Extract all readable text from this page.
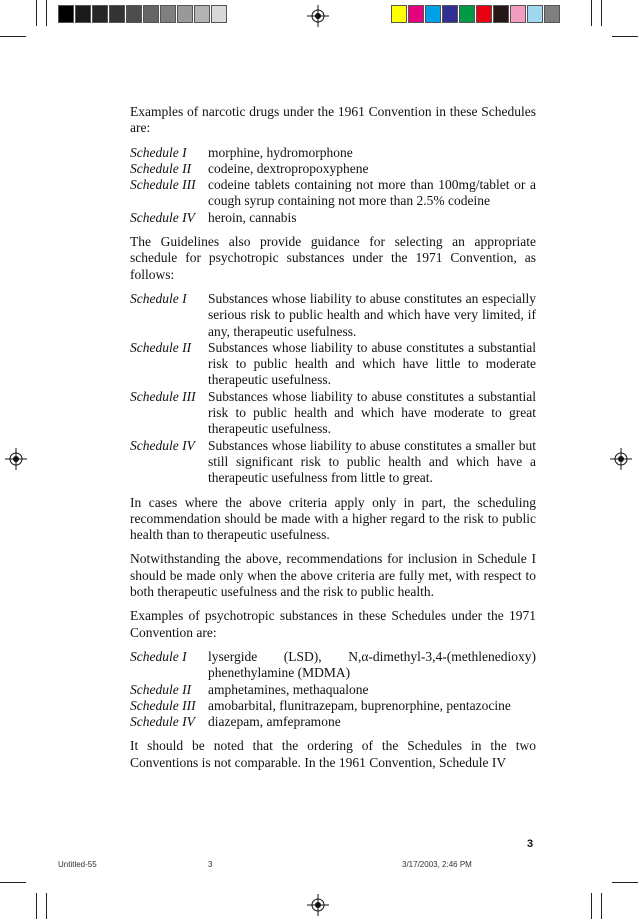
Examples of narcotic drugs under the 1961 Convention in these Schedules are:

Schedule I	morphine, hydromorphone
Schedule II	codeine, dextropropoxyphene
Schedule III codeine tablets containing not more than 100mg/tablet or a cough syrup containing not more than 2.5% codeine
Schedule IV heroin, cannabis

The Guidelines also provide guidance for selecting an appropriate schedule for psychotropic substances under the 1971 Convention, as follows:

Schedule I	Substances whose liability to abuse constitutes an especially serious risk to public health and which have very limited, if any, therapeutic usefulness.
Schedule II	Substances whose liability to abuse constitutes a substantial risk to public health and which have little to moderate therapeutic usefulness.
Schedule III Substances whose liability to abuse constitutes a substantial risk to public health and which have moderate to great therapeutic usefulness.
Schedule IV Substances whose liability to abuse constitutes a smaller but still significant risk to public health and which have a therapeutic usefulness from little to great.

In cases where the above criteria apply only in part, the scheduling recommendation should be made with a higher regard to the risk to public health than to therapeutic usefulness.

Notwithstanding the above, recommendations for inclusion in Schedule I should be made only when the above criteria are fully met, with respect to both therapeutic usefulness and the risk to public health.

Examples of psychotropic substances in these Schedules under the 1971 Convention are:

Schedule I	lysergide (LSD), N,α-dimethyl-3,4-(methlenedioxy) phenethylamine (MDMA)
Schedule II	amphetamines, methaqualone
Schedule III amobarbital, flunitrazepam, buprenorphine, pentazocine
Schedule IV diazepam, amfepramone

It should be noted that the ordering of the Schedules in the two Conventions is not comparable. In the 1961 Convention, Schedule IV

3
Untitled-55	3	3/17/2003, 2:46 PM
